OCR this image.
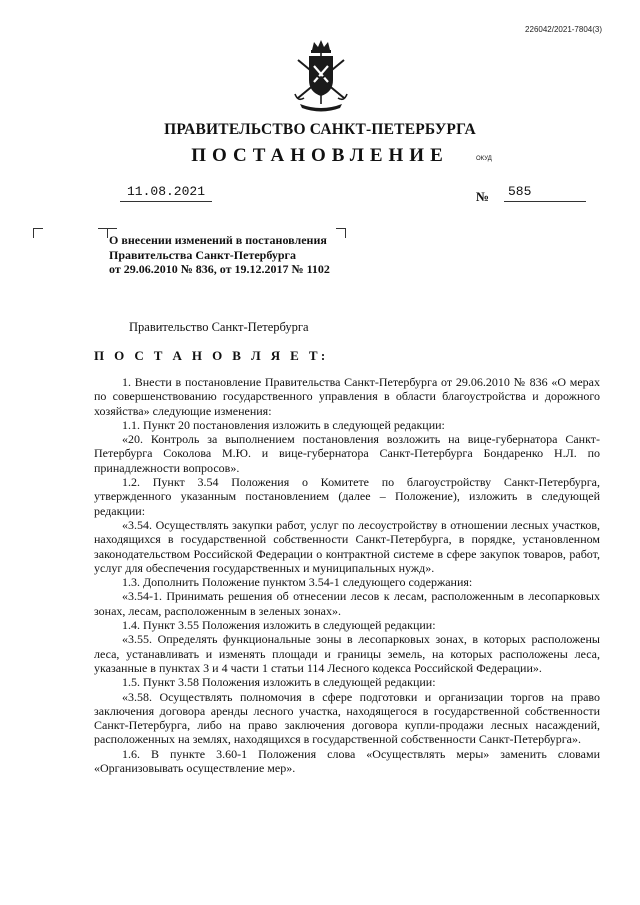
226042/2021-7804(3)
ПРАВИТЕЛЬСТВО САНКТ-ПЕТЕРБУРГА
ПОСТАНОВЛЕНИЕ	ОКУД
11.08.2021	№	585
О внесении изменений в постановления
Правительства Санкт-Петербурга
от 29.06.2010 № 836, от 19.12.2017 № 1102
Правительство Санкт-Петербурга
П О С Т А Н О В Л Я Е Т:

1. Внести в постановление Правительства Санкт-Петербурга от 29.06.2010 № 836 «О мерах по совершенствованию государственного управления в области благоустройства и дорожного хозяйства» следующие изменения:

1.1. Пункт 20 постановления изложить в следующей редакции:

«20. Контроль за выполнением постановления возложить на вице-губернатора Санкт-Петербурга Соколова М.Ю. и вице-губернатора Санкт-Петербурга Бондаренко Н.Л. по принадлежности вопросов».

1.2. Пункт 3.54 Положения о Комитете по благоустройству Санкт-Петербурга, утвержденного указанным постановлением (далее – Положение), изложить в следующей редакции:

«3.54. Осуществлять закупки работ, услуг по лесоустройству в отношении лесных участков, находящихся в государственной собственности Санкт-Петербурга, в порядке, установленном законодательством Российской Федерации о контрактной системе в сфере закупок товаров, работ, услуг для обеспечения государственных и муниципальных нужд».

1.3. Дополнить Положение пунктом 3.54-1 следующего содержания:

«3.54-1. Принимать решения об отнесении лесов к лесам, расположенным в лесопарковых зонах, лесам, расположенным в зеленых зонах».

1.4. Пункт 3.55 Положения изложить в следующей редакции:

«3.55. Определять функциональные зоны в лесопарковых зонах, в которых расположены леса, устанавливать и изменять площади и границы земель, на которых расположены леса, указанные в пунктах 3 и 4 части 1 статьи 114 Лесного кодекса Российской Федерации».

1.5. Пункт 3.58 Положения изложить в следующей редакции:

«3.58. Осуществлять полномочия в сфере подготовки и организации торгов на право заключения договора аренды лесного участка, находящегося в государственной собственности Санкт-Петербурга, либо на право заключения договора купли-продажи лесных насаждений, расположенных на землях, находящихся в государственной собственности Санкт-Петербурга».

1.6. В пункте 3.60-1 Положения слова «Осуществлять меры» заменить словами «Организовывать осуществление мер».
